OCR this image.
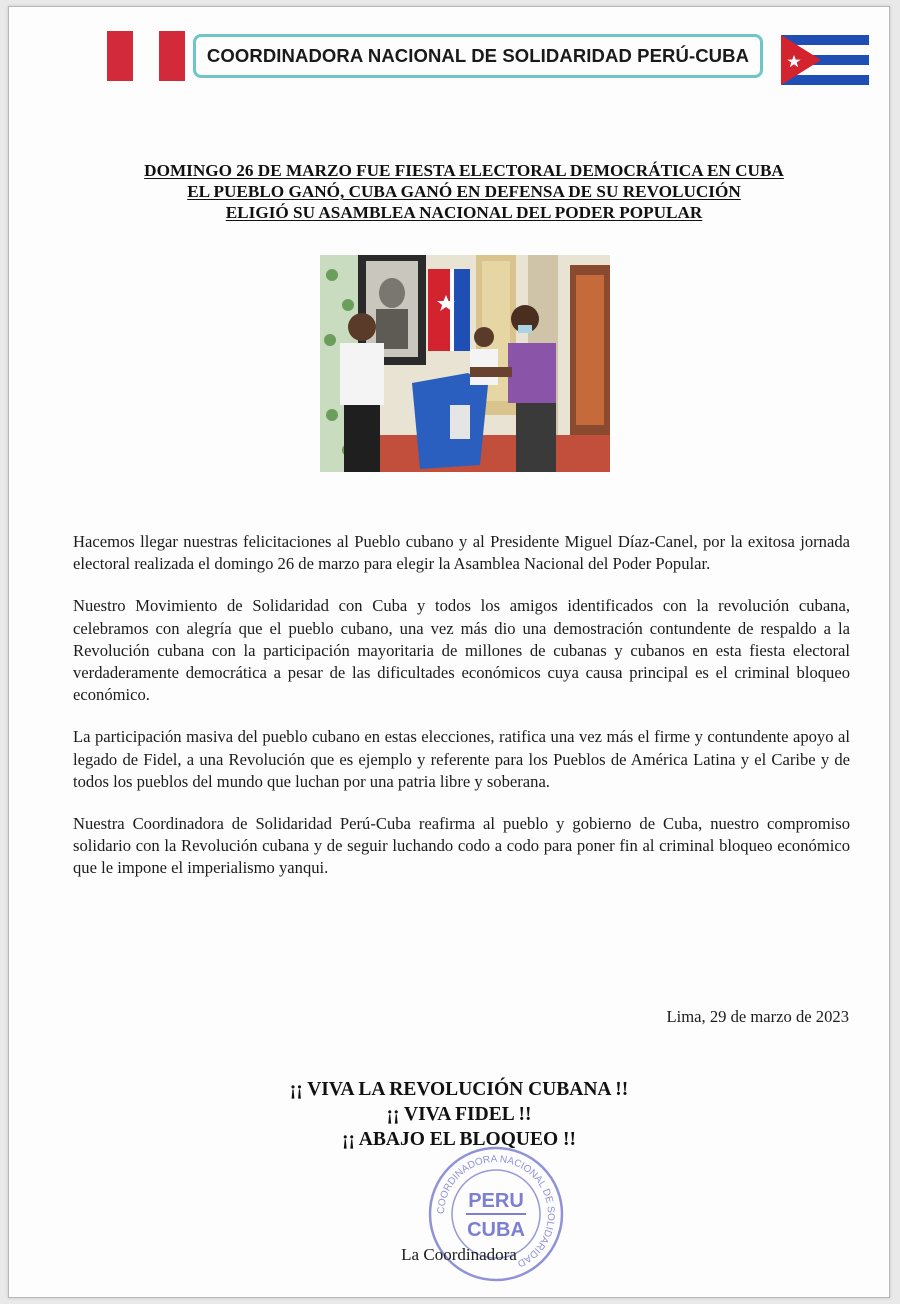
COORDINADORA NACIONAL DE SOLIDARIDAD PERÚ-CUBA
DOMINGO 26 DE MARZO FUE FIESTA ELECTORAL DEMOCRÁTICA EN CUBA
EL PUEBLO GANÓ, CUBA GANÓ EN DEFENSA DE SU REVOLUCIÓN
ELIGIÓ SU ASAMBLEA NACIONAL DEL PODER POPULAR

Hacemos llegar nuestras felicitaciones al Pueblo cubano y al Presidente Miguel Díaz-Canel, por la exitosa jornada electoral realizada el domingo 26 de marzo para elegir la Asamblea Nacional del Poder Popular.

Nuestro Movimiento de Solidaridad con Cuba y todos los amigos identificados con la revolución cubana, celebramos con alegría que el pueblo cubano, una vez más dio una demostración contundente de respaldo a la Revolución cubana con la participación mayoritaria de millones de cubanas y cubanos en esta fiesta electoral verdaderamente democrática a pesar de las dificultades económicos cuya causa principal es el criminal bloqueo económico.

La participación masiva del pueblo cubano en estas elecciones, ratifica una vez más el firme y contundente apoyo al legado de Fidel, a una Revolución que es ejemplo y referente para los Pueblos de América Latina y el Caribe y de todos los pueblos del mundo que luchan por una patria libre y soberana.

Nuestra Coordinadora de Solidaridad Perú-Cuba reafirma al pueblo y gobierno de Cuba, nuestro compromiso solidario con la Revolución cubana y de seguir luchando codo a codo para poner fin al criminal bloqueo económico que le impone el imperialismo yanqui.

Lima, 29 de marzo de 2023
¡¡ VIVA LA REVOLUCIÓN CUBANA !!
¡¡ VIVA FIDEL !!
¡¡ ABAJO EL BLOQUEO !!
COORDINADORA NACIONAL DE SOLIDARIDAD
PERU
CUBA
La Coordinadora
